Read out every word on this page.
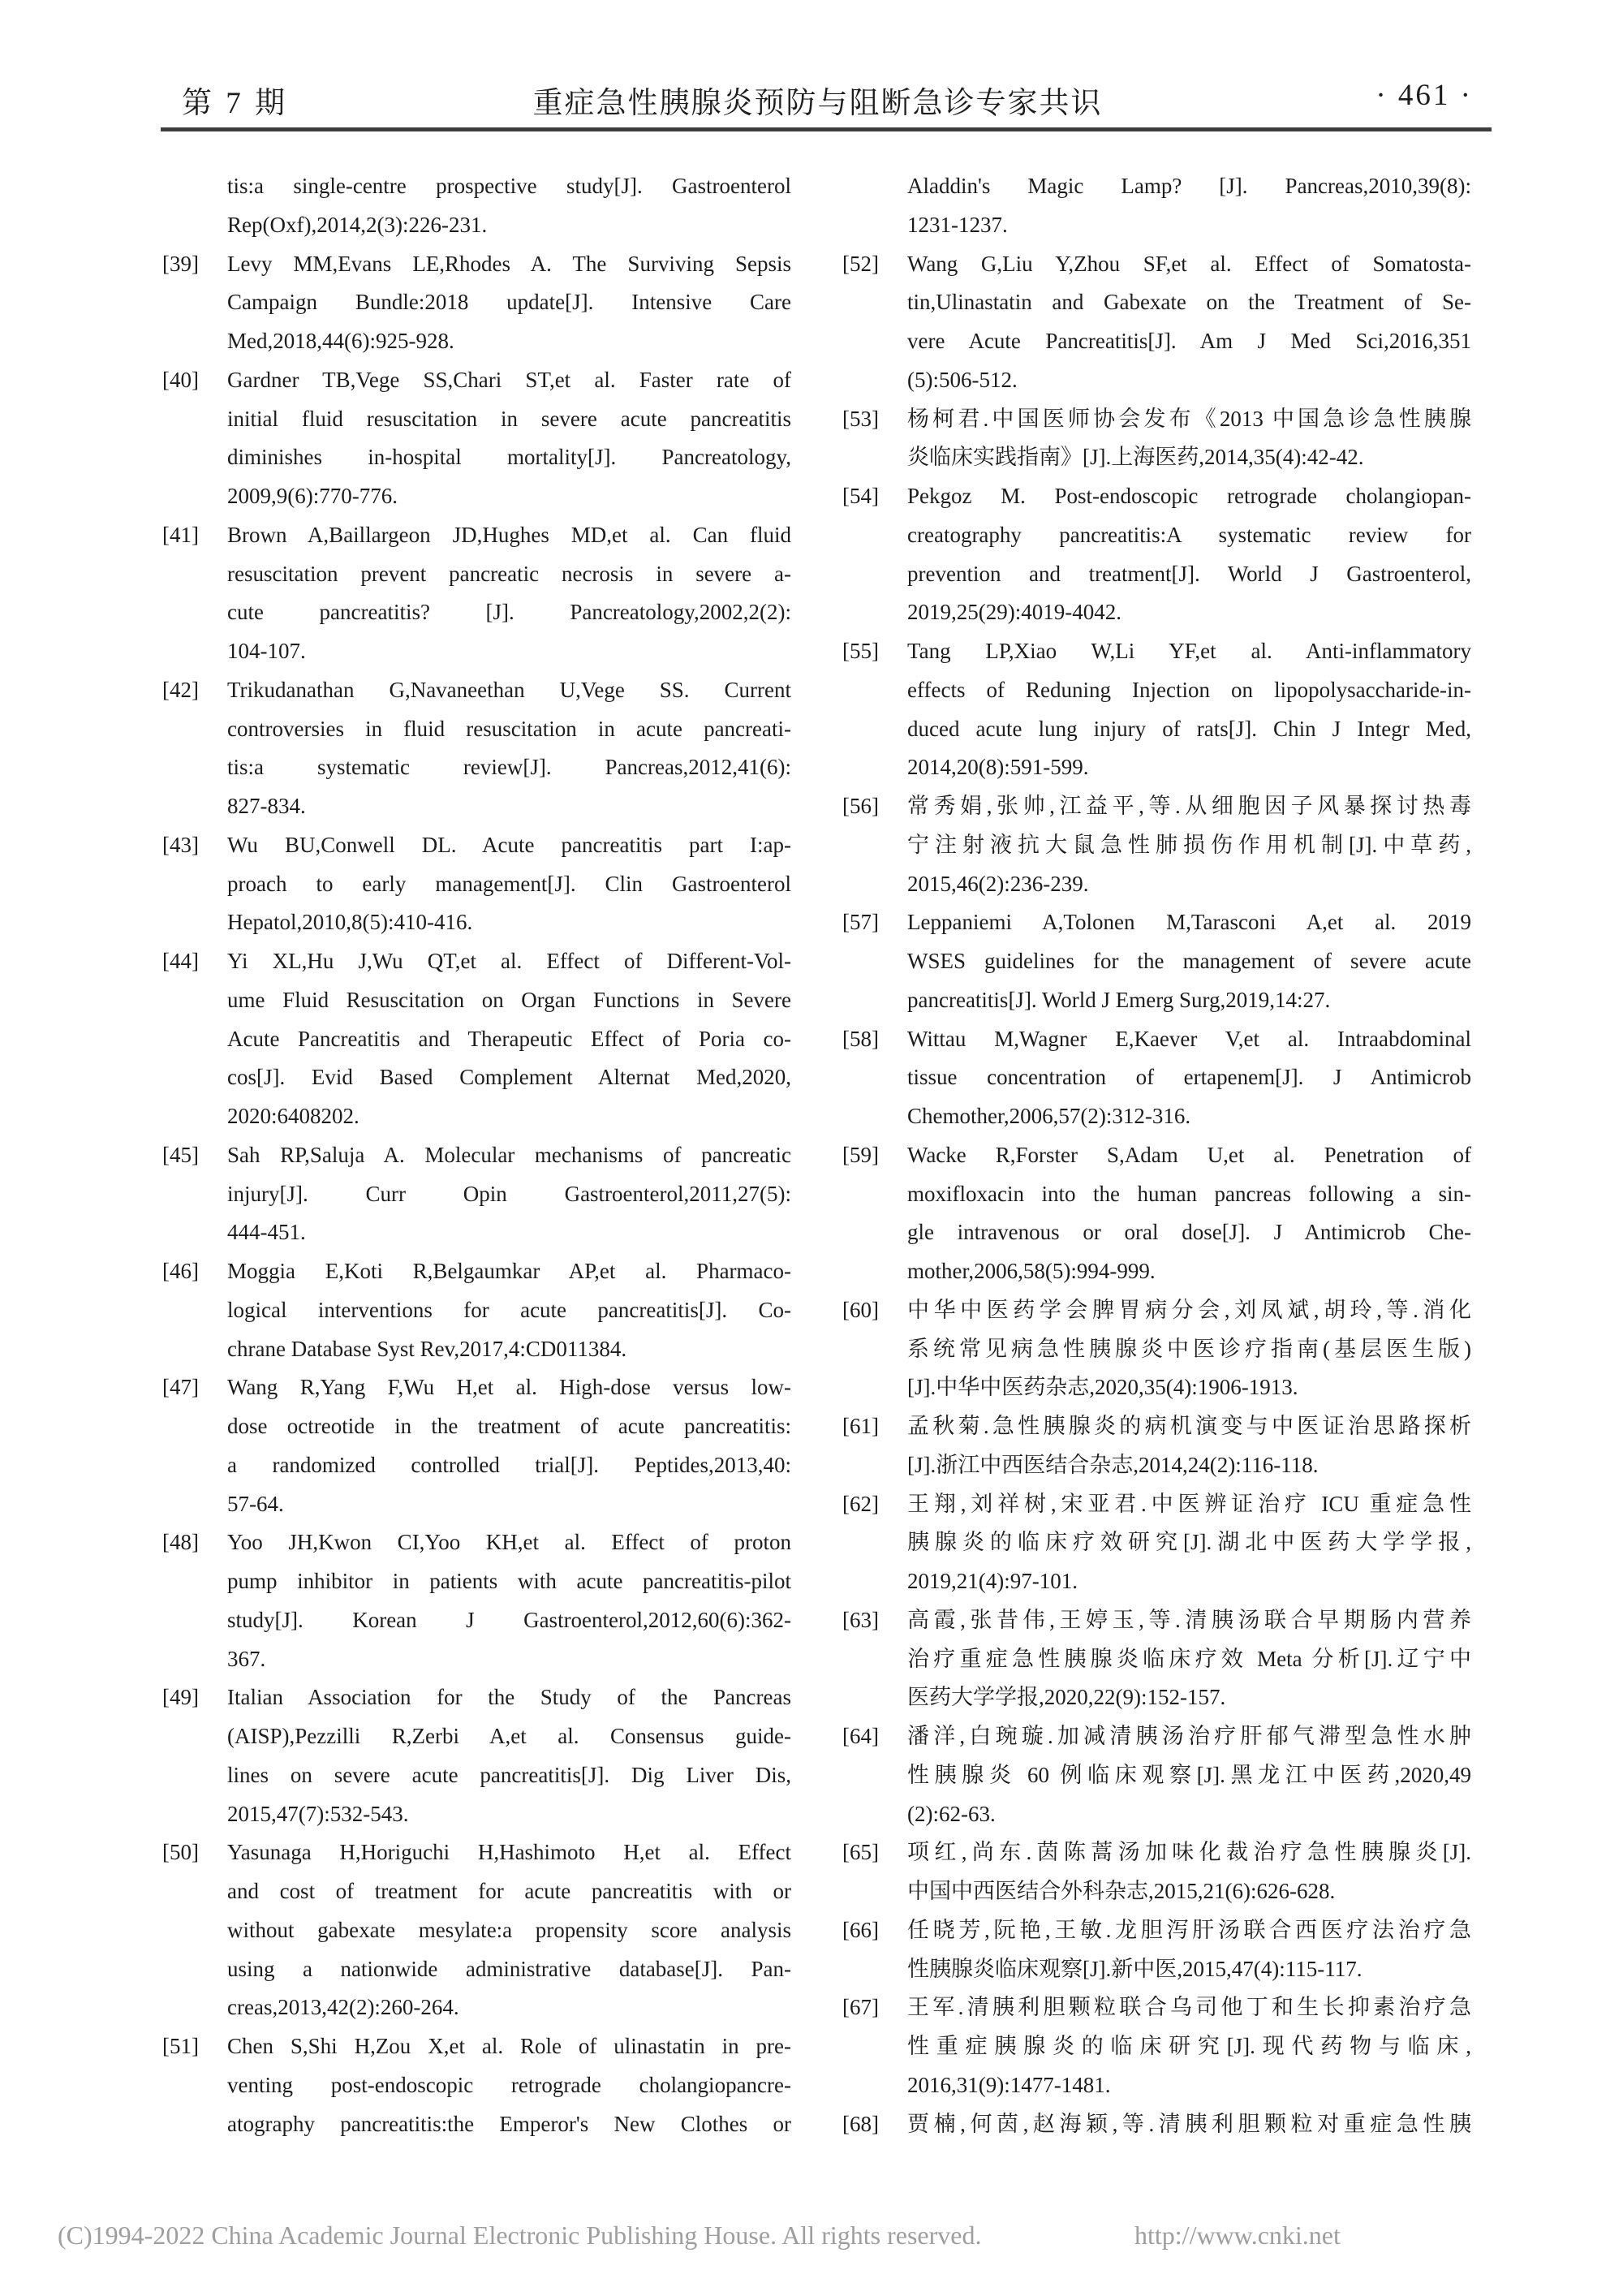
第 7 期	重症急性胰腺炎预防与阻断急诊专家共识	· 461 ·
tis:a single-centre prospective study[J]. Gastroenterol
Rep(Oxf),2014,2(3):226-231.
[39] Levy MM,Evans LE,Rhodes A. The Surviving Sepsis
Campaign Bundle:2018 update[J]. Intensive Care
Med,2018,44(6):925-928.
[40] Gardner TB,Vege SS,Chari ST,et al. Faster rate of
initial fluid resuscitation in severe acute pancreatitis
diminishes in-hospital mortality[J]. Pancreatology,
2009,9(6):770-776.
[41] Brown A,Baillargeon JD,Hughes MD,et al. Can fluid
resuscitation prevent pancreatic necrosis in severe a-
cute pancreatitis? [J]. Pancreatology,2002,2(2):
104-107.
[42] Trikudanathan G,Navaneethan U,Vege SS. Current
controversies in fluid resuscitation in acute pancreati-
tis:a systematic review[J]. Pancreas,2012,41(6):
827-834.
[43] Wu BU,Conwell DL. Acute pancreatitis part I:ap-
proach to early management[J]. Clin Gastroenterol
Hepatol,2010,8(5):410-416.
[44] Yi XL,Hu J,Wu QT,et al. Effect of Different-Vol-
ume Fluid Resuscitation on Organ Functions in Severe
Acute Pancreatitis and Therapeutic Effect of Poria co-
cos[J]. Evid Based Complement Alternat Med,2020,
2020:6408202.
[45] Sah RP,Saluja A. Molecular mechanisms of pancreatic
injury[J]. Curr Opin Gastroenterol,2011,27(5):
444-451.
[46] Moggia E,Koti R,Belgaumkar AP,et al. Pharmaco-
logical interventions for acute pancreatitis[J]. Co-
chrane Database Syst Rev,2017,4:CD011384.
[47] Wang R,Yang F,Wu H,et al. High-dose versus low-
dose octreotide in the treatment of acute pancreatitis:
a randomized controlled trial[J]. Peptides,2013,40:
57-64.
[48] Yoo JH,Kwon CI,Yoo KH,et al. Effect of proton
pump inhibitor in patients with acute pancreatitis-pilot
study[J]. Korean J Gastroenterol,2012,60(6):362-
367.
[49] Italian Association for the Study of the Pancreas
(AISP),Pezzilli R,Zerbi A,et al. Consensus guide-
lines on severe acute pancreatitis[J]. Dig Liver Dis,
2015,47(7):532-543.
[50] Yasunaga H,Horiguchi H,Hashimoto H,et al. Effect
and cost of treatment for acute pancreatitis with or
without gabexate mesylate:a propensity score analysis
using a nationwide administrative database[J]. Pan-
creas,2013,42(2):260-264.
[51] Chen S,Shi H,Zou X,et al. Role of ulinastatin in pre-
venting post-endoscopic retrograde cholangiopancre-
atography pancreatitis:the Emperor's New Clothes or
Aladdin's Magic Lamp? [J]. Pancreas,2010,39(8):
1231-1237.
[52] Wang G,Liu Y,Zhou SF,et al. Effect of Somatosta-
tin,Ulinastatin and Gabexate on the Treatment of Se-
vere Acute Pancreatitis[J]. Am J Med Sci,2016,351
(5):506-512.
[53] 杨柯君.中国医师协会发布《2013 中国急诊急性胰腺
炎临床实践指南》[J].上海医药,2014,35(4):42-42.
[54] Pekgoz M. Post-endoscopic retrograde cholangiopan-
creatography pancreatitis:A systematic review for
prevention and treatment[J]. World J Gastroenterol,
2019,25(29):4019-4042.
[55] Tang LP,Xiao W,Li YF,et al. Anti-inflammatory
effects of Reduning Injection on lipopolysaccharide-in-
duced acute lung injury of rats[J]. Chin J Integr Med,
2014,20(8):591-599.
[56] 常秀娟,张帅,江益平,等.从细胞因子风暴探讨热毒
宁注射液抗大鼠急性肺损伤作用机制[J].中草药,
2015,46(2):236-239.
[57] Leppaniemi A,Tolonen M,Tarasconi A,et al. 2019
WSES guidelines for the management of severe acute
pancreatitis[J]. World J Emerg Surg,2019,14:27.
[58] Wittau M,Wagner E,Kaever V,et al. Intraabdominal
tissue concentration of ertapenem[J]. J Antimicrob
Chemother,2006,57(2):312-316.
[59] Wacke R,Forster S,Adam U,et al. Penetration of
moxifloxacin into the human pancreas following a sin-
gle intravenous or oral dose[J]. J Antimicrob Che-
mother,2006,58(5):994-999.
[60] 中华中医药学会脾胃病分会,刘凤斌,胡玲,等.消化
系统常见病急性胰腺炎中医诊疗指南(基层医生版)
[J].中华中医药杂志,2020,35(4):1906-1913.
[61] 孟秋菊.急性胰腺炎的病机演变与中医证治思路探析
[J].浙江中西医结合杂志,2014,24(2):116-118.
[62] 王翔,刘祥树,宋亚君.中医辨证治疗 ICU 重症急性
胰腺炎的临床疗效研究[J].湖北中医药大学学报,
2019,21(4):97-101.
[63] 高霞,张昔伟,王婷玉,等.清胰汤联合早期肠内营养
治疗重症急性胰腺炎临床疗效 Meta 分析[J].辽宁中
医药大学学报,2020,22(9):152-157.
[64] 潘洋,白琬璇.加减清胰汤治疗肝郁气滞型急性水肿
性胰腺炎 60 例临床观察[J].黑龙江中医药,2020,49
(2):62-63.
[65] 项红,尚东.茵陈蒿汤加味化裁治疗急性胰腺炎[J].
中国中西医结合外科杂志,2015,21(6):626-628.
[66] 任晓芳,阮艳,王敏.龙胆泻肝汤联合西医疗法治疗急
性胰腺炎临床观察[J].新中医,2015,47(4):115-117.
[67] 王军.清胰利胆颗粒联合乌司他丁和生长抑素治疗急
性重症胰腺炎的临床研究[J].现代药物与临床,
2016,31(9):1477-1481.
[68] 贾楠,何茵,赵海颖,等.清胰利胆颗粒对重症急性胰
(C)1994-2022 China Academic Journal Electronic Publishing House. All rights reserved.	http://www.cnki.net
